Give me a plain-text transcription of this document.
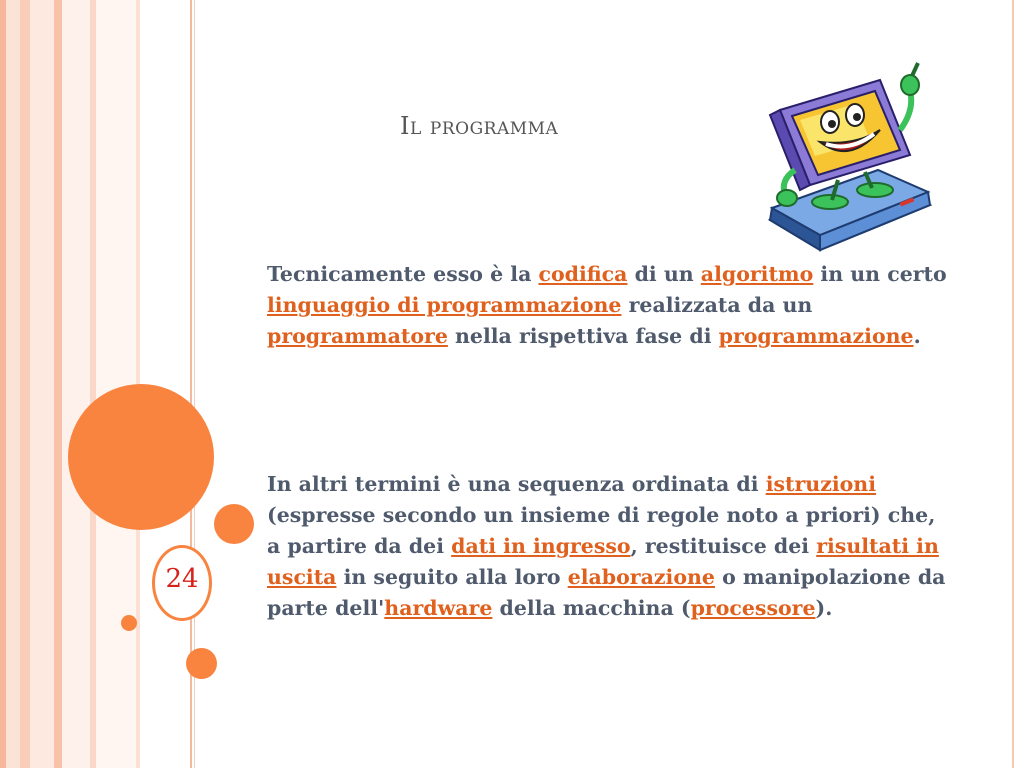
24
Il programma
Tecnicamente esso è la codifica di un algoritmo in un certo linguaggio di programmazione realizzata da un programmatore nella rispettiva fase di programmazione.
In altri termini è una sequenza ordinata di istruzioni (espresse secondo un insieme di regole noto a priori) che, a partire da dei dati in ingresso, restituisce dei risultati in uscita in seguito alla loro elaborazione o manipolazione da parte dell'hardware della macchina (processore).
